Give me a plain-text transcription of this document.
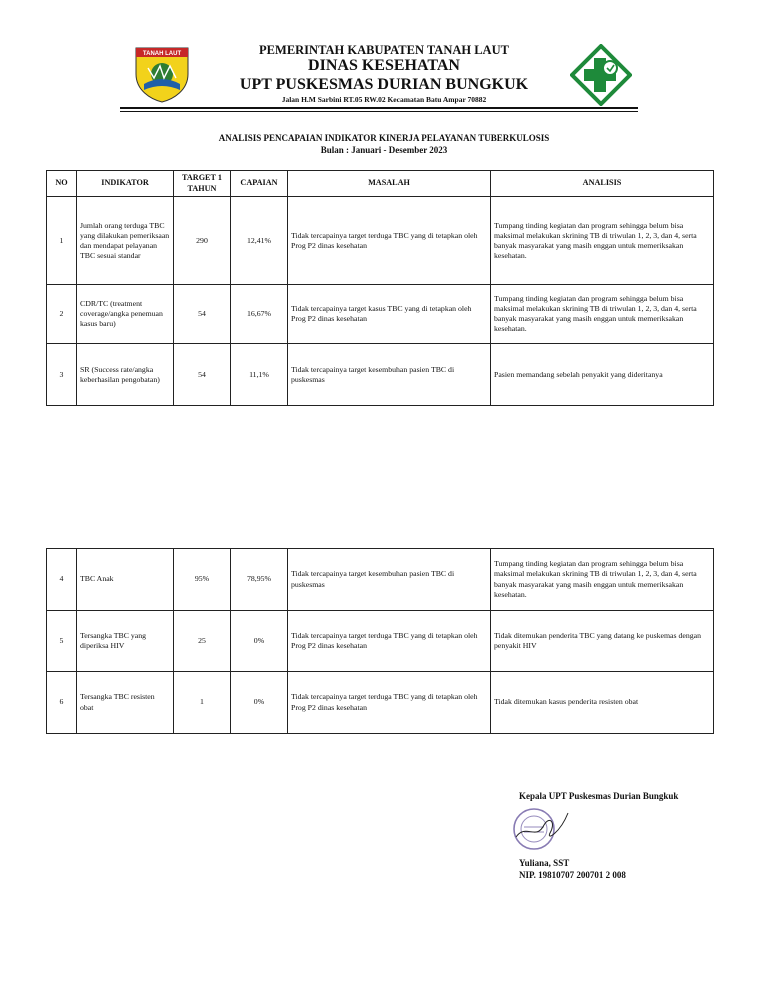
TANAH LAUT	PEMERINTAH KABUPATEN TANAH LAUT
DINAS KESEHATAN
UPT PUSKESMAS DURIAN BUNGKUK
Jalan H.M Sarbini RT.05 RW.02 Kecamatan Batu Ampar 70882
ANALISIS PENCAPAIAN INDIKATOR KINERJA PELAYANAN TUBERKULOSIS
Bulan : Januari - Desember 2023
NO	INDIKATOR	TARGET 1 TAHUN	CAPAIAN	MASALAH	ANALISIS
1	Jumlah orang terduga TBC yang dilakukan pemeriksaan dan mendapat pelayanan TBC sesuai standar	290	12,41%	Tidak tercapainya target terduga TBC yang di tetapkan oleh Prog P2 dinas kesehatan	Tumpang tinding kegiatan dan program sehingga belum bisa maksimal melakukan skrining TB di triwulan 1, 2, 3, dan 4, serta banyak masyarakat yang masih enggan untuk memeriksakan kesehatan.
2	CDR/TC (treatment coverage/angka penemuan kasus baru)	54	16,67%	Tidak tercapainya target kasus TBC yang di tetapkan oleh Prog P2 dinas kesehatan	Tumpang tinding kegiatan dan program sehingga belum bisa maksimal melakukan skrining TB di triwulan 1, 2, 3, dan 4, serta banyak masyarakat yang masih enggan untuk memeriksakan kesehatan.
3	SR (Success rate/angka keberhasilan pengobatan)	54	11,1%	Tidak tercapainya target kesembuhan pasien TBC di puskesmas	Pasien memandang sebelah penyakit yang dideritanya
4	TBC Anak	95%	78,95%	Tidak tercapainya target kesembuhan pasien TBC di puskesmas	Tumpang tinding kegiatan dan program sehingga belum bisa maksimal melakukan skrining TB di triwulan 1, 2, 3, dan 4, serta banyak masyarakat yang masih enggan untuk memeriksakan kesehatan.
5	Tersangka TBC yang diperiksa HIV	25	0%	Tidak tercapainya target terduga TBC yang di tetapkan oleh Prog P2 dinas kesehatan	Tidak ditemukan penderita TBC yang datang ke puskemas dengan penyakit HIV
6	Tersangka TBC resisten obat	1	0%	Tidak tercapainya target terduga TBC yang di tetapkan oleh Prog P2 dinas kesehatan	Tidak ditemukan kasus penderita resisten obat
Kepala UPT Puskesmas Durian Bungkuk
Yuliana, SST
NIP. 19810707 200701 2 008
